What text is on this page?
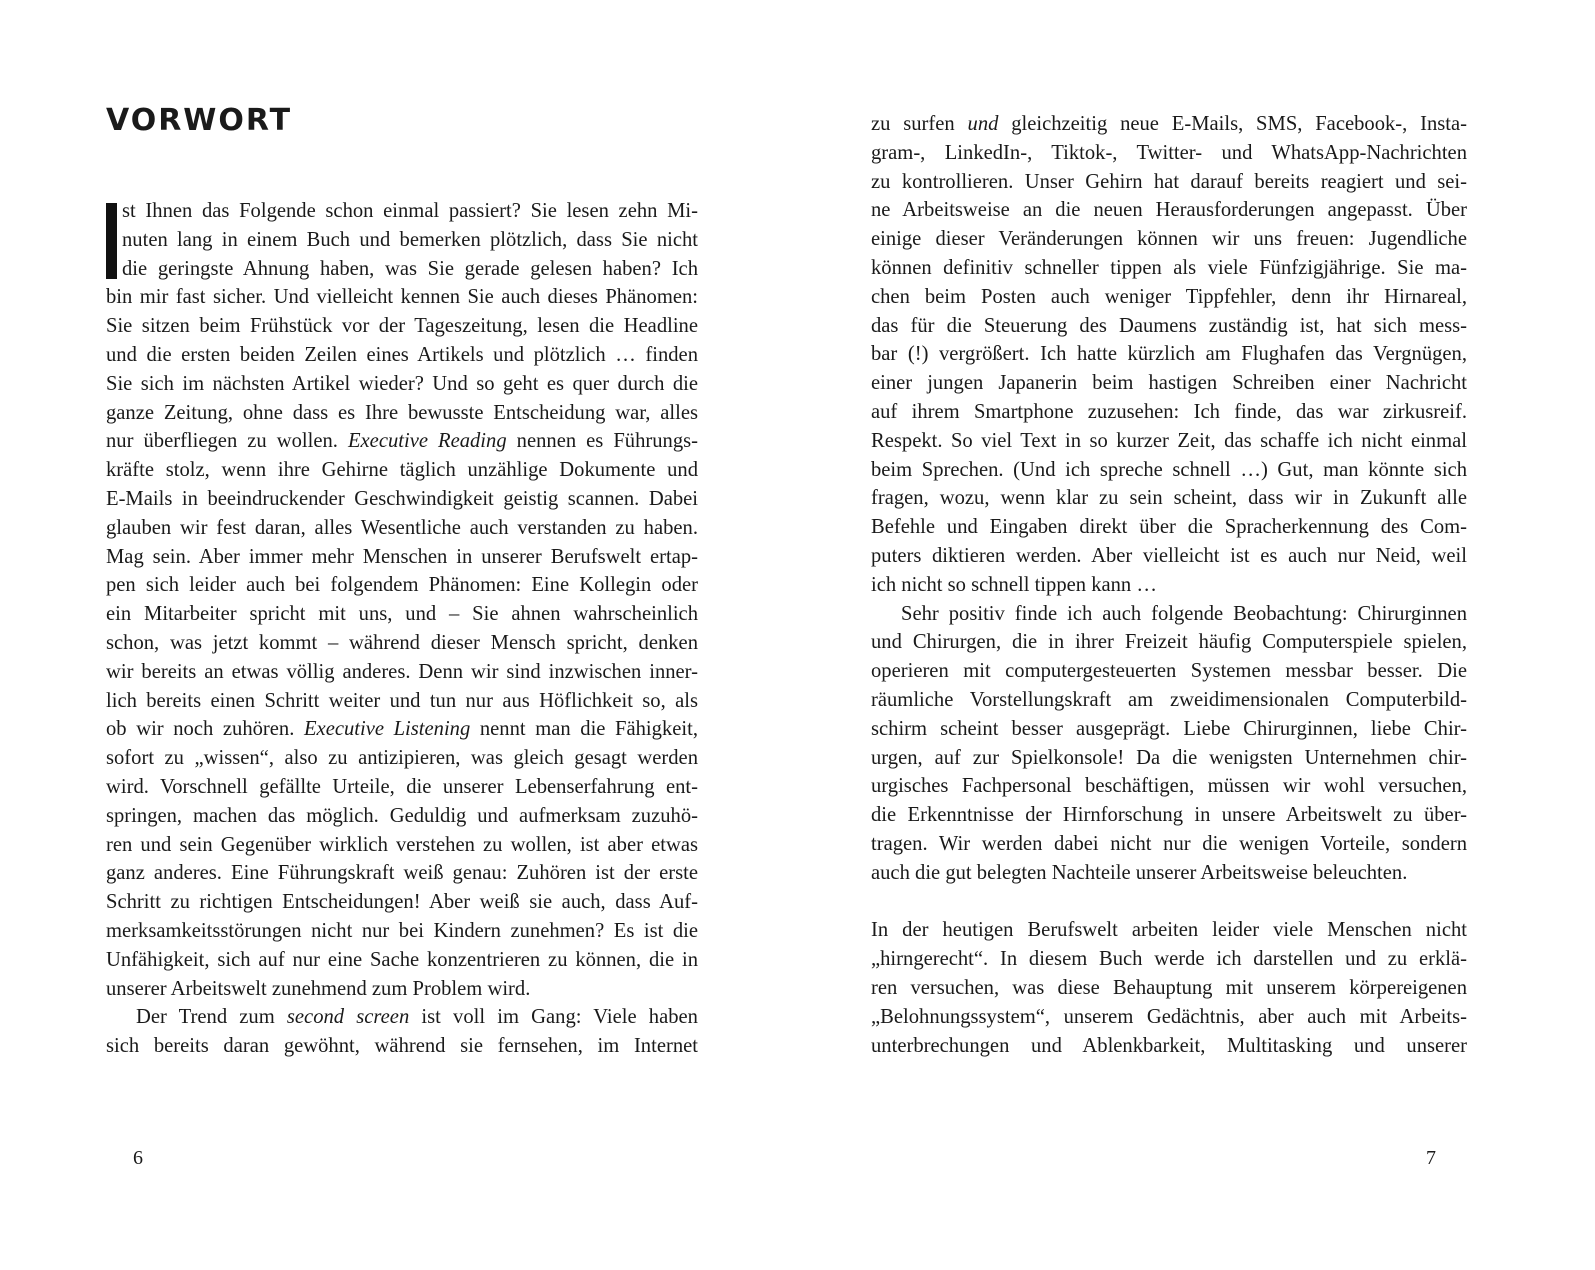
VORWORT
st Ihnen das Folgende schon einmal passiert? Sie lesen zehn Mi-
nuten lang in einem Buch und bemerken plötzlich, dass Sie nicht
die geringste Ahnung haben, was Sie gerade gelesen haben? Ich
bin mir fast sicher. Und vielleicht kennen Sie auch dieses Phänomen:
Sie sitzen beim Frühstück vor der Tageszeitung, lesen die Headline
und die ersten beiden Zeilen eines Artikels und plötzlich … finden
Sie sich im nächsten Artikel wieder? Und so geht es quer durch die
ganze Zeitung, ohne dass es Ihre bewusste Entscheidung war, alles
nur überfliegen zu wollen. Executive Reading nennen es Führungs-
kräfte stolz, wenn ihre Gehirne täglich unzählige Dokumente und
E-Mails in beeindruckender Geschwindigkeit geistig scannen. Dabei
glauben wir fest daran, alles Wesentliche auch verstanden zu haben.
Mag sein. Aber immer mehr Menschen in unserer Berufswelt ertap-
pen sich leider auch bei folgendem Phänomen: Eine Kollegin oder
ein Mitarbeiter spricht mit uns, und – Sie ahnen wahrscheinlich
schon, was jetzt kommt – während dieser Mensch spricht, denken
wir bereits an etwas völlig anderes. Denn wir sind inzwischen inner-
lich bereits einen Schritt weiter und tun nur aus Höflichkeit so, als
ob wir noch zuhören. Executive Listening nennt man die Fähigkeit,
sofort zu „wissen“, also zu antizipieren, was gleich gesagt werden
wird. Vorschnell gefällte Urteile, die unserer Lebenserfahrung ent-
springen, machen das möglich. Geduldig und aufmerksam zuzuhö-
ren und sein Gegenüber wirklich verstehen zu wollen, ist aber etwas
ganz anderes. Eine Führungskraft weiß genau: Zuhören ist der erste
Schritt zu richtigen Entscheidungen! Aber weiß sie auch, dass Auf-
merksamkeitsstörungen nicht nur bei Kindern zunehmen? Es ist die
Unfähigkeit, sich auf nur eine Sache konzentrieren zu können, die in
unserer Arbeitswelt zunehmend zum Problem wird.
Der Trend zum second screen ist voll im Gang: Viele haben
sich bereits daran gewöhnt, während sie fernsehen, im Internet
6
zu surfen und gleichzeitig neue E-Mails, SMS, Facebook-, Insta-
gram-, LinkedIn-, Tiktok-, Twitter- und WhatsApp-Nachrichten
zu kontrollieren. Unser Gehirn hat darauf bereits reagiert und sei-
ne Arbeitsweise an die neuen Herausforderungen angepasst. Über
einige dieser Veränderungen können wir uns freuen: Jugendliche
können definitiv schneller tippen als viele Fünfzigjährige. Sie ma-
chen beim Posten auch weniger Tippfehler, denn ihr Hirnareal,
das für die Steuerung des Daumens zuständig ist, hat sich mess-
bar (!) vergrößert. Ich hatte kürzlich am Flughafen das Vergnügen,
einer jungen Japanerin beim hastigen Schreiben einer Nachricht
auf ihrem Smartphone zuzusehen: Ich finde, das war zirkusreif.
Respekt. So viel Text in so kurzer Zeit, das schaffe ich nicht einmal
beim Sprechen. (Und ich spreche schnell …) Gut, man könnte sich
fragen, wozu, wenn klar zu sein scheint, dass wir in Zukunft alle
Befehle und Eingaben direkt über die Spracherkennung des Com-
puters diktieren werden. Aber vielleicht ist es auch nur Neid, weil
ich nicht so schnell tippen kann …
Sehr positiv finde ich auch folgende Beobachtung: Chirurginnen
und Chirurgen, die in ihrer Freizeit häufig Computerspiele spielen,
operieren mit computergesteuerten Systemen messbar besser. Die
räumliche Vorstellungskraft am zweidimensionalen Computerbild-
schirm scheint besser ausgeprägt. Liebe Chirurginnen, liebe Chir-
urgen, auf zur Spielkonsole! Da die wenigsten Unternehmen chir-
urgisches Fachpersonal beschäftigen, müssen wir wohl versuchen,
die Erkenntnisse der Hirnforschung in unsere Arbeitswelt zu über-
tragen. Wir werden dabei nicht nur die wenigen Vorteile, sondern
auch die gut belegten Nachteile unserer Arbeitsweise beleuchten.
In der heutigen Berufswelt arbeiten leider viele Menschen nicht
„hirngerecht“. In diesem Buch werde ich darstellen und zu erklä-
ren versuchen, was diese Behauptung mit unserem körpereigenen
„Belohnungssystem“, unserem Gedächtnis, aber auch mit Arbeits-
unterbrechungen und Ablenkbarkeit, Multitasking und unserer
7
